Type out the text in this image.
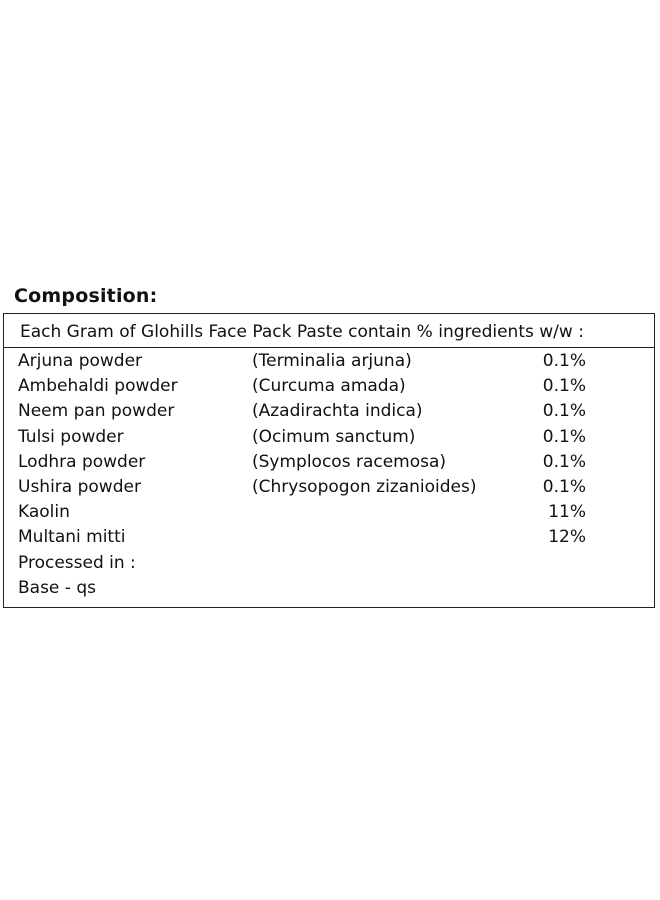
Composition:
Each Gram of Glohills Face Pack Paste contain % ingredients w/w :
Arjuna powder	(Terminalia arjuna)	0.1%
Ambehaldi powder	(Curcuma amada)	0.1%
Neem pan powder	(Azadirachta indica)	0.1%
Tulsi powder	(Ocimum sanctum)	0.1%
Lodhra powder	(Symplocos racemosa)	0.1%
Ushira powder	(Chrysopogon zizanioides)	0.1%
Kaolin	11%
Multani mitti	12%
Processed in :
Base - qs
